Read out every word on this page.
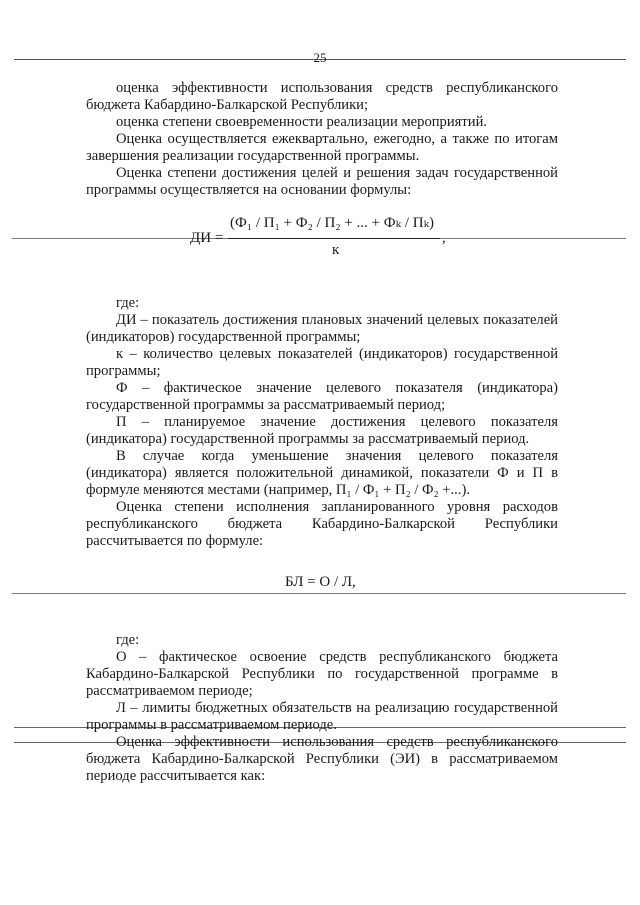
25

оценка эффективности использования средств республиканского бюджета Кабардино-Балкарской Республики;

оценка степени своевременности реализации мероприятий.

Оценка осуществляется ежеквартально, ежегодно, а также по итогам завершения реализации государственной программы.

Оценка степени достижения целей и решения задач государственной программы осуществляется на основании формулы:

ДИ =
(Ф₁ / П₁ + Ф₂ / П₂ + ... + Фₖ / Пₖ)
к
,

где:

ДИ – показатель достижения плановых значений целевых показателей (индикаторов) государственной программы;

к – количество целевых показателей (индикаторов) государственной программы;

Ф – фактическое значение целевого показателя (индикатора) государственной программы за рассматриваемый период;

П – планируемое значение достижения целевого показателя (индикатора) государственной программы за рассматриваемый период.

В случае когда уменьшение значения целевого показателя (индикатора) является положительной динамикой, показатели Ф и П в формуле меняются местами (например, П₁ / Ф₁ + П₂ / Ф₂ +...).

Оценка степени исполнения запланированного уровня расходов республиканского бюджета Кабардино-Балкарской Республики рассчитывается по формуле:

БЛ = О / Л,

где:

О – фактическое освоение средств республиканского бюджета Кабардино-Балкарской Республики по государственной программе в рассматриваемом периоде;

Л – лимиты бюджетных обязательств на реализацию государственной программы в рассматриваемом периоде.

Оценка эффективности использования средств республиканского бюджета Кабардино-Балкарской Республики (ЭИ) в рассматриваемом периоде рассчитывается как:
